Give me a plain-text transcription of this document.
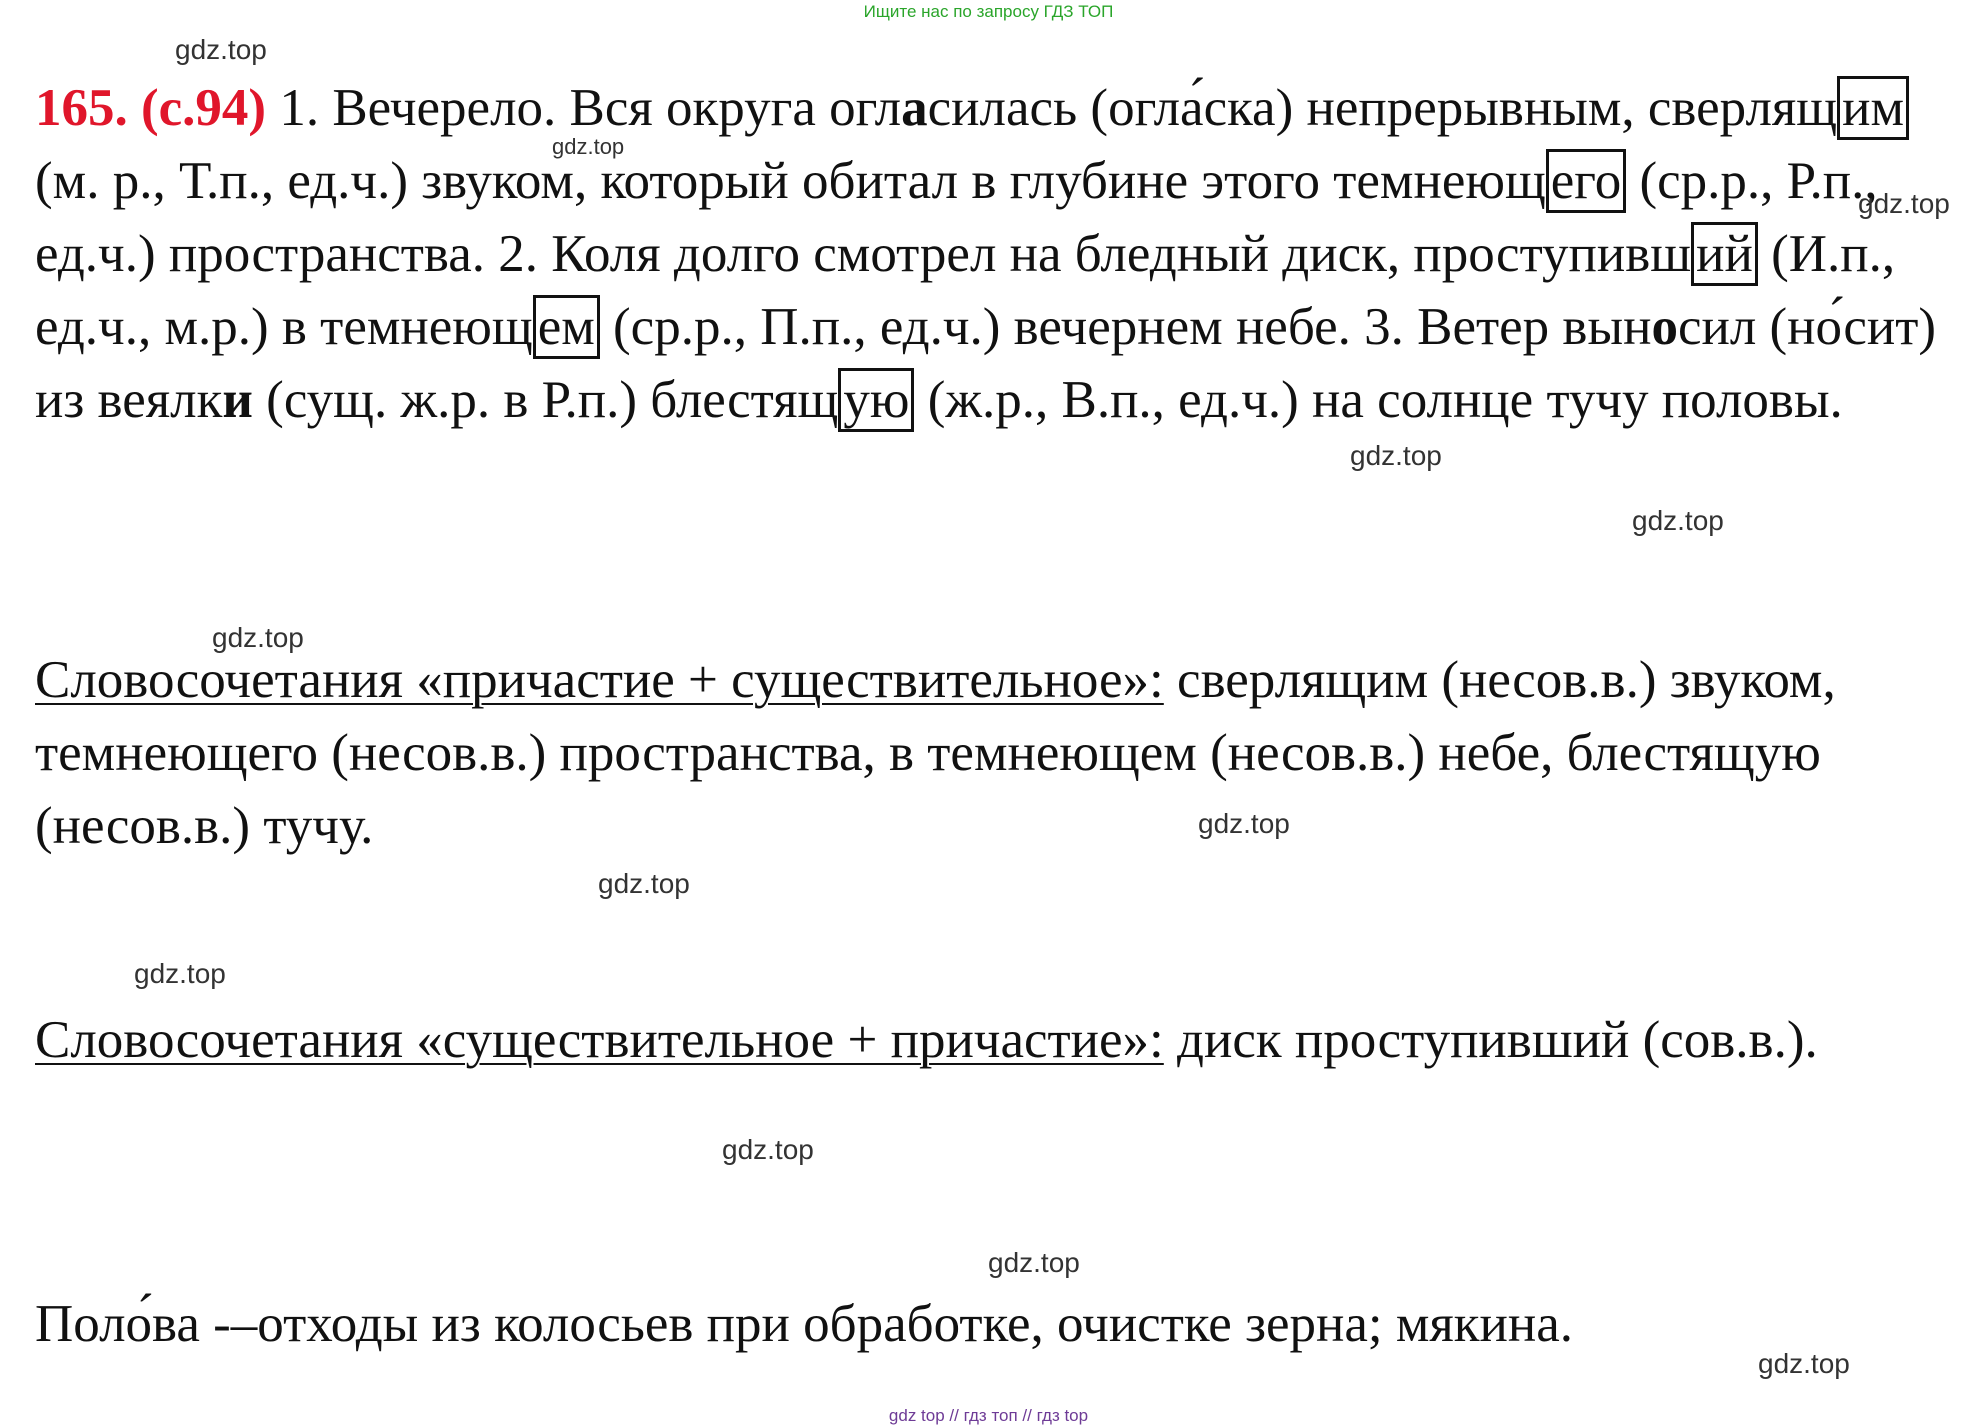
Ищите нас по запросу ГДЗ ТОП
165. (с.94) 1. Вечерело. Вся округа огласилась (огла́ска) непрерывным, сверлящим (м. р., Т.п., ед.ч.) звуком, который обитал в глубине этого темнеющего (ср.р., Р.п., ед.ч.) пространства. 2. Коля долго смотрел на бледный диск, проступивший (И.п., ед.ч., м.р.) в темнеющем (ср.р., П.п., ед.ч.) вечернем небе. 3. Ветер выносил (но́сит) из веялки (сущ. ж.р. в Р.п.) блестящую (ж.р., В.п., ед.ч.) на солнце тучу половы.
Словосочетания «причастие + существительное»: сверлящим (несов.в.) звуком, темнеющего (несов.в.) пространства, в темнеющем (несов.в.) небе, блестящую (несов.в.) тучу.
Словосочетания «существительное + причастие»: диск проступивший (сов.в.).
Поло́ва -–отходы из колосьев при обработке, очистке зерна; мякина.
gdz.top
gdz.top
gdz.top
gdz.top
gdz.top
gdz.top
gdz.top
gdz.top
gdz.top
gdz.top
gdz.top
gdz.top
gdz top // гдз топ // гдз top
